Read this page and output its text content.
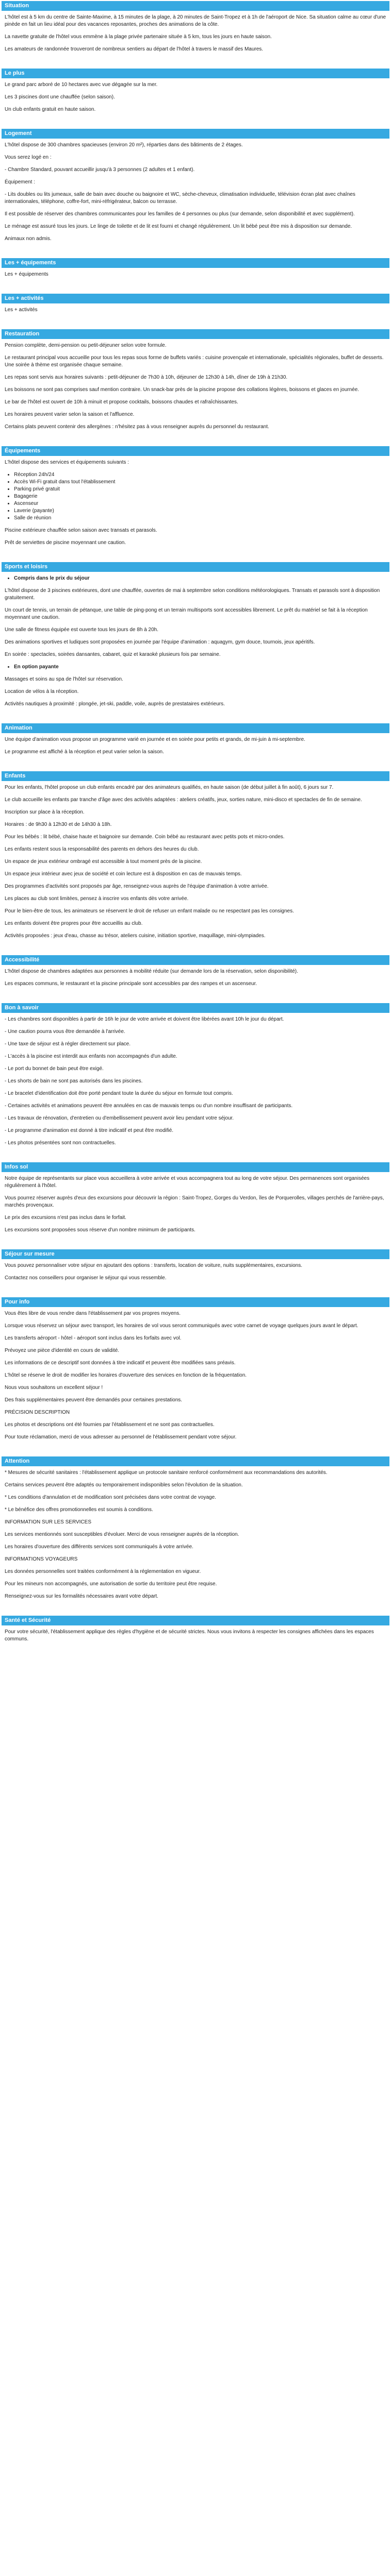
Situation

L'hôtel est à 5 km du centre de Sainte-Maxime, à 15 minutes de la plage, à 20 minutes de Saint-Tropez et à 1h de l'aéroport de Nice. Sa situation calme au cœur d'une pinède en fait un lieu idéal pour des vacances reposantes, proches des animations de la côte.

La navette gratuite de l'hôtel vous emmène à la plage privée partenaire située à 5 km, tous les jours en haute saison.

Les amateurs de randonnée trouveront de nombreux sentiers au départ de l'hôtel à travers le massif des Maures.

Le plus

Le grand parc arboré de 10 hectares avec vue dégagée sur la mer.

Les 3 piscines dont une chauffée (selon saison).

Un club enfants gratuit en haute saison.

Logement

L'hôtel dispose de 300 chambres spacieuses (environ 20 m²), réparties dans des bâtiments de 2 étages.

Vous serez logé en :

- Chambre Standard, pouvant accueillir jusqu'à 3 personnes (2 adultes et 1 enfant).

Équipement :

- Lits doubles ou lits jumeaux, salle de bain avec douche ou baignoire et WC, sèche-cheveux, climatisation individuelle, télévision écran plat avec chaînes internationales, téléphone, coffre-fort, mini-réfrigérateur, balcon ou terrasse.

Il est possible de réserver des chambres communicantes pour les familles de 4 personnes ou plus (sur demande, selon disponibilité et avec supplément).

Le ménage est assuré tous les jours. Le linge de toilette et de lit est fourni et changé régulièrement. Un lit bébé peut être mis à disposition sur demande.

Animaux non admis.

Les + équipements

Les + équipements

Les + activités

Les + activités

Restauration

Pension complète, demi-pension ou petit-déjeuner selon votre formule.

Le restaurant principal vous accueille pour tous les repas sous forme de buffets variés : cuisine provençale et internationale, spécialités régionales, buffet de desserts. Une soirée à thème est organisée chaque semaine.

Les repas sont servis aux horaires suivants : petit-déjeuner de 7h30 à 10h, déjeuner de 12h30 à 14h, dîner de 19h à 21h30.

Les boissons ne sont pas comprises sauf mention contraire. Un snack-bar près de la piscine propose des collations légères, boissons et glaces en journée.

Le bar de l'hôtel est ouvert de 10h à minuit et propose cocktails, boissons chaudes et rafraîchissantes.

Les horaires peuvent varier selon la saison et l'affluence.

Certains plats peuvent contenir des allergènes : n'hésitez pas à vous renseigner auprès du personnel du restaurant.

Équipements

L'hôtel dispose des services et équipements suivants :

• Réception 24h/24
• Accès Wi-Fi gratuit dans tout l'établissement
• Parking privé gratuit
• Bagagerie
• Ascenseur
• Laverie (payante)
• Salle de réunion

Piscine extérieure chauffée selon saison avec transats et parasols.

Prêt de serviettes de piscine moyennant une caution.

Sports et loisirs
• Compris dans le prix du séjour

L'hôtel dispose de 3 piscines extérieures, dont une chauffée, ouvertes de mai à septembre selon conditions météorologiques. Transats et parasols sont à disposition gratuitement.

Un court de tennis, un terrain de pétanque, une table de ping-pong et un terrain multisports sont accessibles librement. Le prêt du matériel se fait à la réception moyennant une caution.

Une salle de fitness équipée est ouverte tous les jours de 8h à 20h.

Des animations sportives et ludiques sont proposées en journée par l'équipe d'animation : aquagym, gym douce, tournois, jeux apéritifs.

En soirée : spectacles, soirées dansantes, cabaret, quiz et karaoké plusieurs fois par semaine.

• En option payante

Massages et soins au spa de l'hôtel sur réservation.

Location de vélos à la réception.

Activités nautiques à proximité : plongée, jet-ski, paddle, voile, auprès de prestataires extérieurs.

Animation

Une équipe d'animation vous propose un programme varié en journée et en soirée pour petits et grands, de mi-juin à mi-septembre.

Le programme est affiché à la réception et peut varier selon la saison.

Enfants

Pour les enfants, l'hôtel propose un club enfants encadré par des animateurs qualifiés, en haute saison (de début juillet à fin août), 6 jours sur 7.

Le club accueille les enfants par tranche d'âge avec des activités adaptées : ateliers créatifs, jeux, sorties nature, mini-disco et spectacles de fin de semaine.

Inscription sur place à la réception.

Horaires : de 9h30 à 12h30 et de 14h30 à 18h.

Pour les bébés : lit bébé, chaise haute et baignoire sur demande. Coin bébé au restaurant avec petits pots et micro-ondes.

Les enfants restent sous la responsabilité des parents en dehors des heures du club.

Un espace de jeux extérieur ombragé est accessible à tout moment près de la piscine.

Un espace jeux intérieur avec jeux de société et coin lecture est à disposition en cas de mauvais temps.

Des programmes d'activités sont proposés par âge, renseignez-vous auprès de l'équipe d'animation à votre arrivée.

Les places au club sont limitées, pensez à inscrire vos enfants dès votre arrivée.

Pour le bien-être de tous, les animateurs se réservent le droit de refuser un enfant malade ou ne respectant pas les consignes.

Les enfants doivent être propres pour être accueillis au club.

Activités proposées : jeux d'eau, chasse au trésor, ateliers cuisine, initiation sportive, maquillage, mini-olympiades.

Accessibilité

L'hôtel dispose de chambres adaptées aux personnes à mobilité réduite (sur demande lors de la réservation, selon disponibilité).

Les espaces communs, le restaurant et la piscine principale sont accessibles par des rampes et un ascenseur.

Bon à savoir

- Les chambres sont disponibles à partir de 16h le jour de votre arrivée et doivent être libérées avant 10h le jour du départ.

- Une caution pourra vous être demandée à l'arrivée.

- Une taxe de séjour est à régler directement sur place.

- L'accès à la piscine est interdit aux enfants non accompagnés d'un adulte.

- Le port du bonnet de bain peut être exigé.

- Les shorts de bain ne sont pas autorisés dans les piscines.

- Le bracelet d'identification doit être porté pendant toute la durée du séjour en formule tout compris.

- Certaines activités et animations peuvent être annulées en cas de mauvais temps ou d'un nombre insuffisant de participants.

- Les travaux de rénovation, d'entretien ou d'embellissement peuvent avoir lieu pendant votre séjour.

- Le programme d'animation est donné à titre indicatif et peut être modifié.

- Les photos présentées sont non contractuelles.

Infos sol

Notre équipe de représentants sur place vous accueillera à votre arrivée et vous accompagnera tout au long de votre séjour. Des permanences sont organisées régulièrement à l'hôtel.

Vous pourrez réserver auprès d'eux des excursions pour découvrir la région : Saint-Tropez, Gorges du Verdon, îles de Porquerolles, villages perchés de l'arrière-pays, marchés provençaux.

Le prix des excursions n'est pas inclus dans le forfait.

Les excursions sont proposées sous réserve d'un nombre minimum de participants.

Séjour sur mesure

Vous pouvez personnaliser votre séjour en ajoutant des options : transferts, location de voiture, nuits supplémentaires, excursions.

Contactez nos conseillers pour organiser le séjour qui vous ressemble.

Pour info

Vous êtes libre de vous rendre dans l'établissement par vos propres moyens.

Lorsque vous réservez un séjour avec transport, les horaires de vol vous seront communiqués avec votre carnet de voyage quelques jours avant le départ.

Les transferts aéroport - hôtel - aéroport sont inclus dans les forfaits avec vol.

Prévoyez une pièce d'identité en cours de validité.

Les informations de ce descriptif sont données à titre indicatif et peuvent être modifiées sans préavis.

L'hôtel se réserve le droit de modifier les horaires d'ouverture des services en fonction de la fréquentation.

Nous vous souhaitons un excellent séjour !

Des frais supplémentaires peuvent être demandés pour certaines prestations.

PRÉCISION DESCRIPTION

Les photos et descriptions ont été fournies par l'établissement et ne sont pas contractuelles.

Pour toute réclamation, merci de vous adresser au personnel de l'établissement pendant votre séjour.

Attention

* Mesures de sécurité sanitaires : l'établissement applique un protocole sanitaire renforcé conformément aux recommandations des autorités.

Certains services peuvent être adaptés ou temporairement indisponibles selon l'évolution de la situation.

* Les conditions d'annulation et de modification sont précisées dans votre contrat de voyage.

* Le bénéfice des offres promotionnelles est soumis à conditions.

INFORMATION SUR LES SERVICES

Les services mentionnés sont susceptibles d'évoluer. Merci de vous renseigner auprès de la réception.

Les horaires d'ouverture des différents services sont communiqués à votre arrivée.

INFORMATIONS VOYAGEURS

Les données personnelles sont traitées conformément à la réglementation en vigueur.

Pour les mineurs non accompagnés, une autorisation de sortie du territoire peut être requise.

Renseignez-vous sur les formalités nécessaires avant votre départ.

Santé et Sécurité

Pour votre sécurité, l'établissement applique des règles d'hygiène et de sécurité strictes. Nous vous invitons à respecter les consignes affichées dans les espaces communs.
